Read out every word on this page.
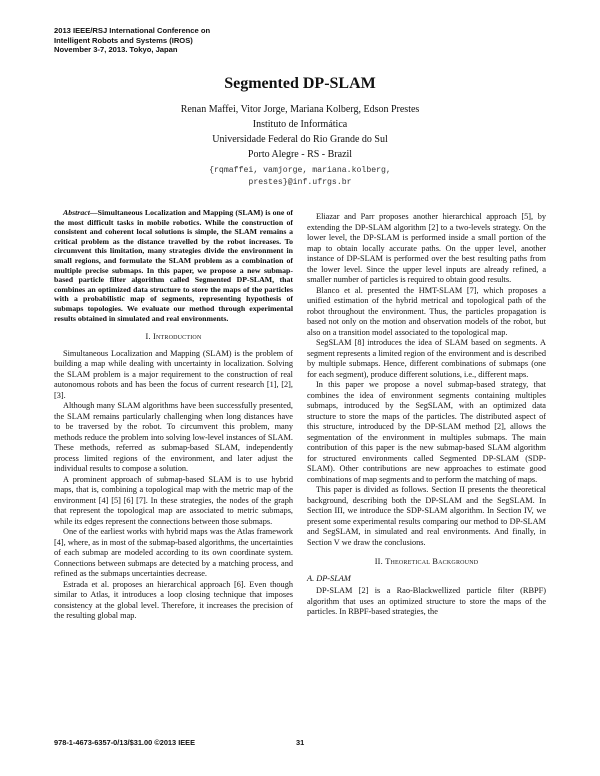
2013 IEEE/RSJ International Conference on
Intelligent Robots and Systems (IROS)
November 3-7, 2013. Tokyo, Japan
Segmented DP-SLAM
Renan Maffei, Vitor Jorge, Mariana Kolberg, Edson Prestes
Instituto de Informática
Universidade Federal do Rio Grande do Sul
Porto Alegre - RS - Brazil
{rqmaffei, vamjorge, mariana.kolberg,
prestes}@inf.ufrgs.br

Abstract—Simultaneous Localization and Mapping (SLAM) is one of the most difficult tasks in mobile robotics. While the construction of consistent and coherent local solutions is simple, the SLAM remains a critical problem as the distance travelled by the robot increases. To circumvent this limitation, many strategies divide the environment in small regions, and formulate the SLAM problem as a combination of multiple precise submaps. In this paper, we propose a new submap-based particle filter algorithm called Segmented DP-SLAM, that combines an optimized data structure to store the maps of the particles with a probabilistic map of segments, representing hypothesis of submaps topologies. We evaluate our method through experimental results obtained in simulated and real environments.

I. Introduction

Simultaneous Localization and Mapping (SLAM) is the problem of building a map while dealing with uncertainty in localization. Solving the SLAM problem is a major requirement to the construction of real autonomous robots and has been the focus of current research [1], [2], [3].

Although many SLAM algorithms have been successfully presented, the SLAM remains particularly challenging when long distances have to be traversed by the robot. To circumvent this problem, many methods reduce the problem into solving low-level instances of SLAM. These methods, referred as submap-based SLAM, independently process limited regions of the environment, and later adjust the individual results to compose a solution.

A prominent approach of submap-based SLAM is to use hybrid maps, that is, combining a topological map with the metric map of the environment [4] [5] [6] [7]. In these strategies, the nodes of the graph that represent the topological map are associated to metric submaps, while its edges represent the connections between those submaps.

One of the earliest works with hybrid maps was the Atlas framework [4], where, as in most of the submap-based algorithms, the uncertainties of each submap are modeled according to its own coordinate system. Connections between submaps are detected by a matching process, and refined as the submaps uncertainties decrease.

Estrada et al. proposes an hierarchical approach [6]. Even though similar to Atlas, it introduces a loop closing technique that imposes consistency at the global level. Therefore, it increases the precision of the resulting global map.

Eliazar and Parr proposes another hierarchical approach [5], by extending the DP-SLAM algorithm [2] to a two-levels strategy. On the lower level, the DP-SLAM is performed inside a small portion of the map to obtain locally accurate paths. On the upper level, another instance of DP-SLAM is performed over the best resulting paths from the lower level. Since the upper level inputs are already refined, a smaller number of particles is required to obtain good results.

Blanco et al. presented the HMT-SLAM [7], which proposes a unified estimation of the hybrid metrical and topological path of the robot throughout the environment. Thus, the particles propagation is based not only on the motion and observation models of the robot, but also on a transition model associated to the topological map.

SegSLAM [8] introduces the idea of SLAM based on segments. A segment represents a limited region of the environment and is described by multiple submaps. Hence, different combinations of submaps (one for each segment), produce different solutions, i.e., different maps.

In this paper we propose a novel submap-based strategy, that combines the idea of environment segments containing multiples submaps, introduced by the SegSLAM, with an optimized data structure to store the maps of the particles. The distributed aspect of this structure, introduced by the DP-SLAM method [2], allows the segmentation of the environment in multiples submaps. The main contribution of this paper is the new submap-based SLAM algorithm for structured environments called Segmented DP-SLAM (SDP-SLAM). Other contributions are new approaches to estimate good combinations of map segments and to perform the matching of maps.

This paper is divided as follows. Section II presents the theoretical background, describing both the DP-SLAM and the SegSLAM. In Section III, we introduce the SDP-SLAM algorithm. In Section IV, we present some experimental results comparing our method to DP-SLAM and SegSLAM, in simulated and real environments. And finally, in Section V we draw the conclusions.

II. Theoretical Background
A. DP-SLAM

DP-SLAM [2] is a Rao-Blackwellized particle filter (RBPF) algorithm that uses an optimized structure to store the maps of the particles. In RBPF-based strategies, the

978-1-4673-6357-0/13/$31.00 ©2013 IEEE	31
